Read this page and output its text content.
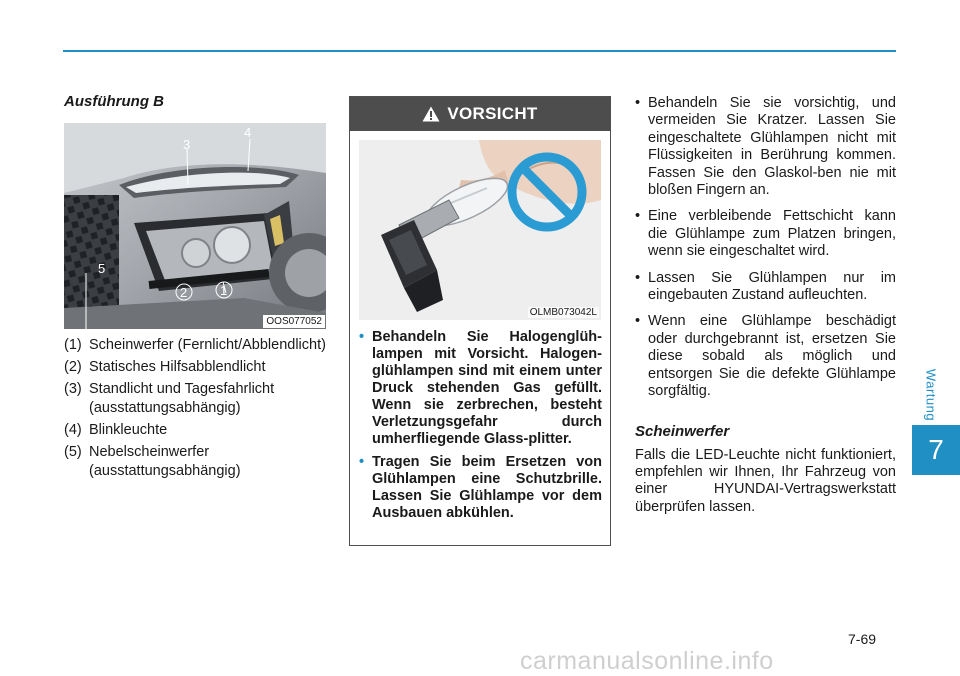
Wartung
7
Ausführung B
4
3
5
2	1
OOS077052
(1) Scheinwerfer (Fernlicht/Abblendlicht)
(2) Statisches Hilfsabblendlicht
(3) Standlicht und Tagesfahrlicht (ausstattungsabhängig)
(4) Blinkleuchte
(5) Nebelscheinwerfer (ausstattungsabhängig)
VORSICHT
OLMB073042L
• Behandeln Sie Halogenglüh-lampen mit Vorsicht. Halogen-glühlampen sind mit einem unter Druck stehenden Gas gefüllt. Wenn sie zerbrechen, besteht Verletzungsgefahr durch umherfliegende Glass-plitter.
• Tragen Sie beim Ersetzen von Glühlampen eine Schutzbrille. Lassen Sie Glühlampe vor dem Ausbauen abkühlen.
• Behandeln Sie sie vorsichtig, und vermeiden Sie Kratzer. Lassen Sie eingeschaltete Glühlampen nicht mit Flüssigkeiten in Berührung kommen. Fassen Sie den Glaskol-ben nie mit bloßen Fingern an.
• Eine verbleibende Fettschicht kann die Glühlampe zum Platzen bringen, wenn sie eingeschaltet wird.
• Lassen Sie Glühlampen nur im eingebauten Zustand aufleuchten.
• Wenn eine Glühlampe beschädigt oder durchgebrannt ist, ersetzen Sie diese sobald als möglich und entsorgen Sie die defekte Glühlampe sorgfältig.
Scheinwerfer

Falls die LED-Leuchte nicht funktioniert, empfehlen wir Ihnen, Ihr Fahrzeug von einer HYUNDAI-Vertragswerkstatt überprüfen lassen.

7-69
carmanualsonline.info
